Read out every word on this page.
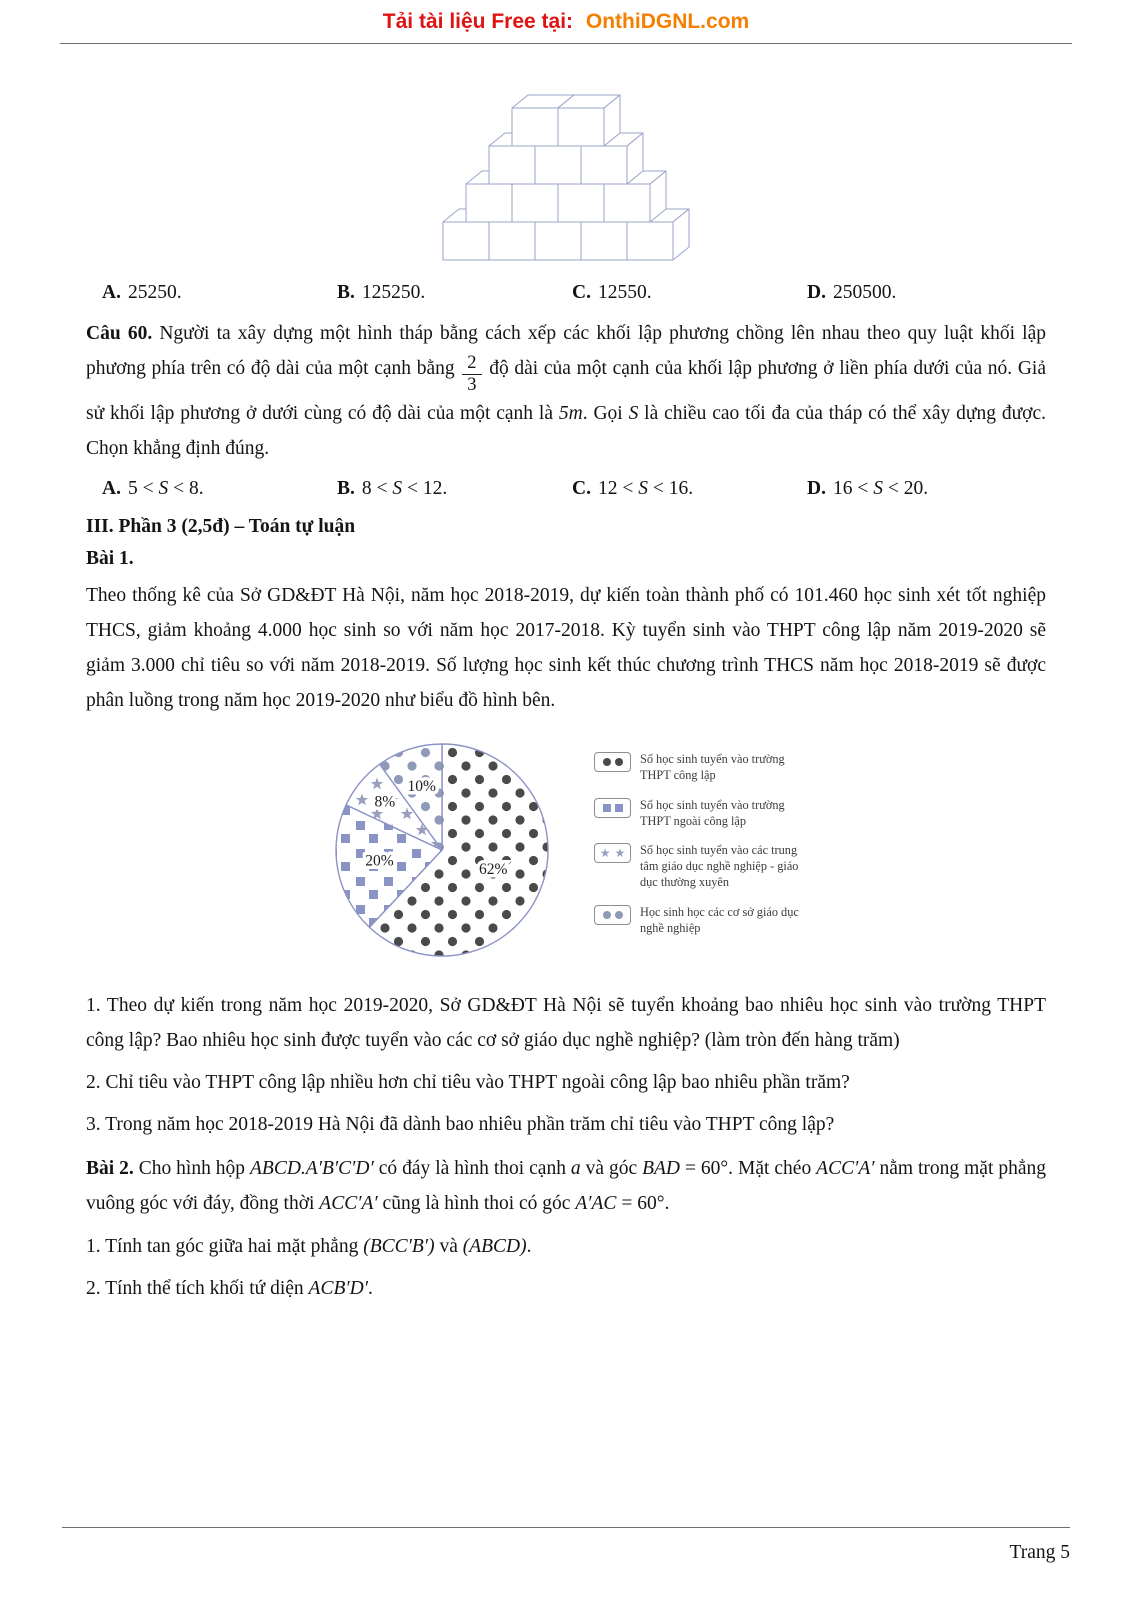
Tải tài liệu Free tại: OnthiDGNL.com
A. 25250.	B. 125250.	C. 12550.	D. 250500.

Câu 60. Người ta xây dựng một hình tháp bằng cách xếp các khối lập phương chồng lên nhau theo quy luật khối lập phương phía trên có độ dài của một cạnh bằng $\frac{2}{3}$ độ dài của một cạnh của khối lập phương ở liền phía dưới của nó. Giả sử khối lập phương ở dưới cùng có độ dài của một cạnh là 5m. Gọi S là chiều cao tối đa của tháp có thể xây dựng được. Chọn khẳng định đúng.

A. 5 < S < 8.	B. 8 < S < 12.	C. 12 < S < 16.	D. 16 < S < 20.

III. Phần 3 (2,5đ) – Toán tự luận

Bài 1.

Theo thống kê của Sở GD&ĐT Hà Nội, năm học 2018-2019, dự kiến toàn thành phố có 101.460 học sinh xét tốt nghiệp THCS, giảm khoảng 4.000 học sinh so với năm học 2017-2018. Kỳ tuyển sinh vào THPT công lập năm 2019-2020 sẽ giảm 3.000 chỉ tiêu so với năm 2018-2019. Số lượng học sinh kết thúc chương trình THCS năm học 2018-2019 sẽ được phân luồng trong năm học 2019-2020 như biểu đồ hình bên.

62%
20%
8%
10%
Số học sinh tuyển vào trường THPT công lập
Số học sinh tuyển vào trường THPT ngoài công lập
★ ★ Số học sinh tuyển vào các trung tâm giáo dục nghề nghiệp - giáo dục thường xuyên
Học sinh học các cơ sở giáo dục nghề nghiệp

1. Theo dự kiến trong năm học 2019-2020, Sở GD&ĐT Hà Nội sẽ tuyển khoảng bao nhiêu học sinh vào trường THPT công lập? Bao nhiêu học sinh được tuyển vào các cơ sở giáo dục nghề nghiệp? (làm tròn đến hàng trăm)

2. Chỉ tiêu vào THPT công lập nhiều hơn chỉ tiêu vào THPT ngoài công lập bao nhiêu phần trăm?

3. Trong năm học 2018-2019 Hà Nội đã dành bao nhiêu phần trăm chỉ tiêu vào THPT công lập?

Bài 2. Cho hình hộp ABCD.A′B′C′D′ có đáy là hình thoi cạnh a và góc BAD = 60°. Mặt chéo ACC′A′ nằm trong mặt phẳng vuông góc với đáy, đồng thời ACC′A′ cũng là hình thoi có góc A′AC = 60°.

1. Tính tan góc giữa hai mặt phẳng (BCC′B′) và (ABCD).

2. Tính thể tích khối tứ diện ACB′D′.

Trang 5
